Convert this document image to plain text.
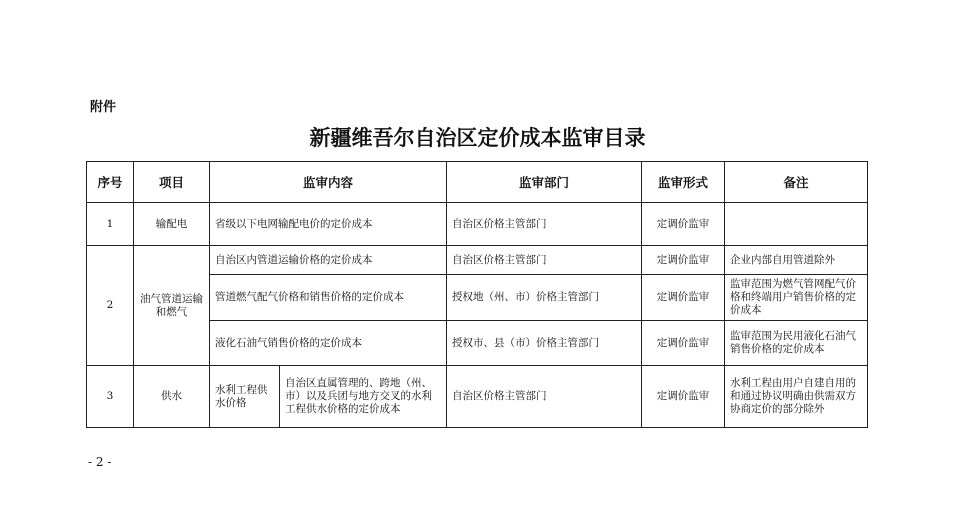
附件
新疆维吾尔自治区定价成本监审目录
序号	项目	监审内容		监审部门	监审形式	备注
1	输配电	省级以下电网输配电价的定价成本		自治区价格主管部门	定调价监审	
2	油气管道运输和燃气	自治区内管道运输价格的定价成本		自治区价格主管部门	定调价监审	企业内部自用管道除外
		管道燃气配气价格和销售价格的定价成本		授权地（州、市）价格主管部门	定调价监审	监审范围为燃气管网配气价格和终端用户销售价格的定价成本
		液化石油气销售价格的定价成本		授权市、县（市）价格主管部门	定调价监审	监审范围为民用液化石油气销售价格的定价成本
3	供水	水利工程供水价格	自治区直属管理的、跨地（州、市）以及兵团与地方交叉的水利工程供水价格的定价成本	自治区价格主管部门	定调价监审	水利工程由用户自建自用的和通过协议明确由供需双方协商定价的部分除外
- 2 -
